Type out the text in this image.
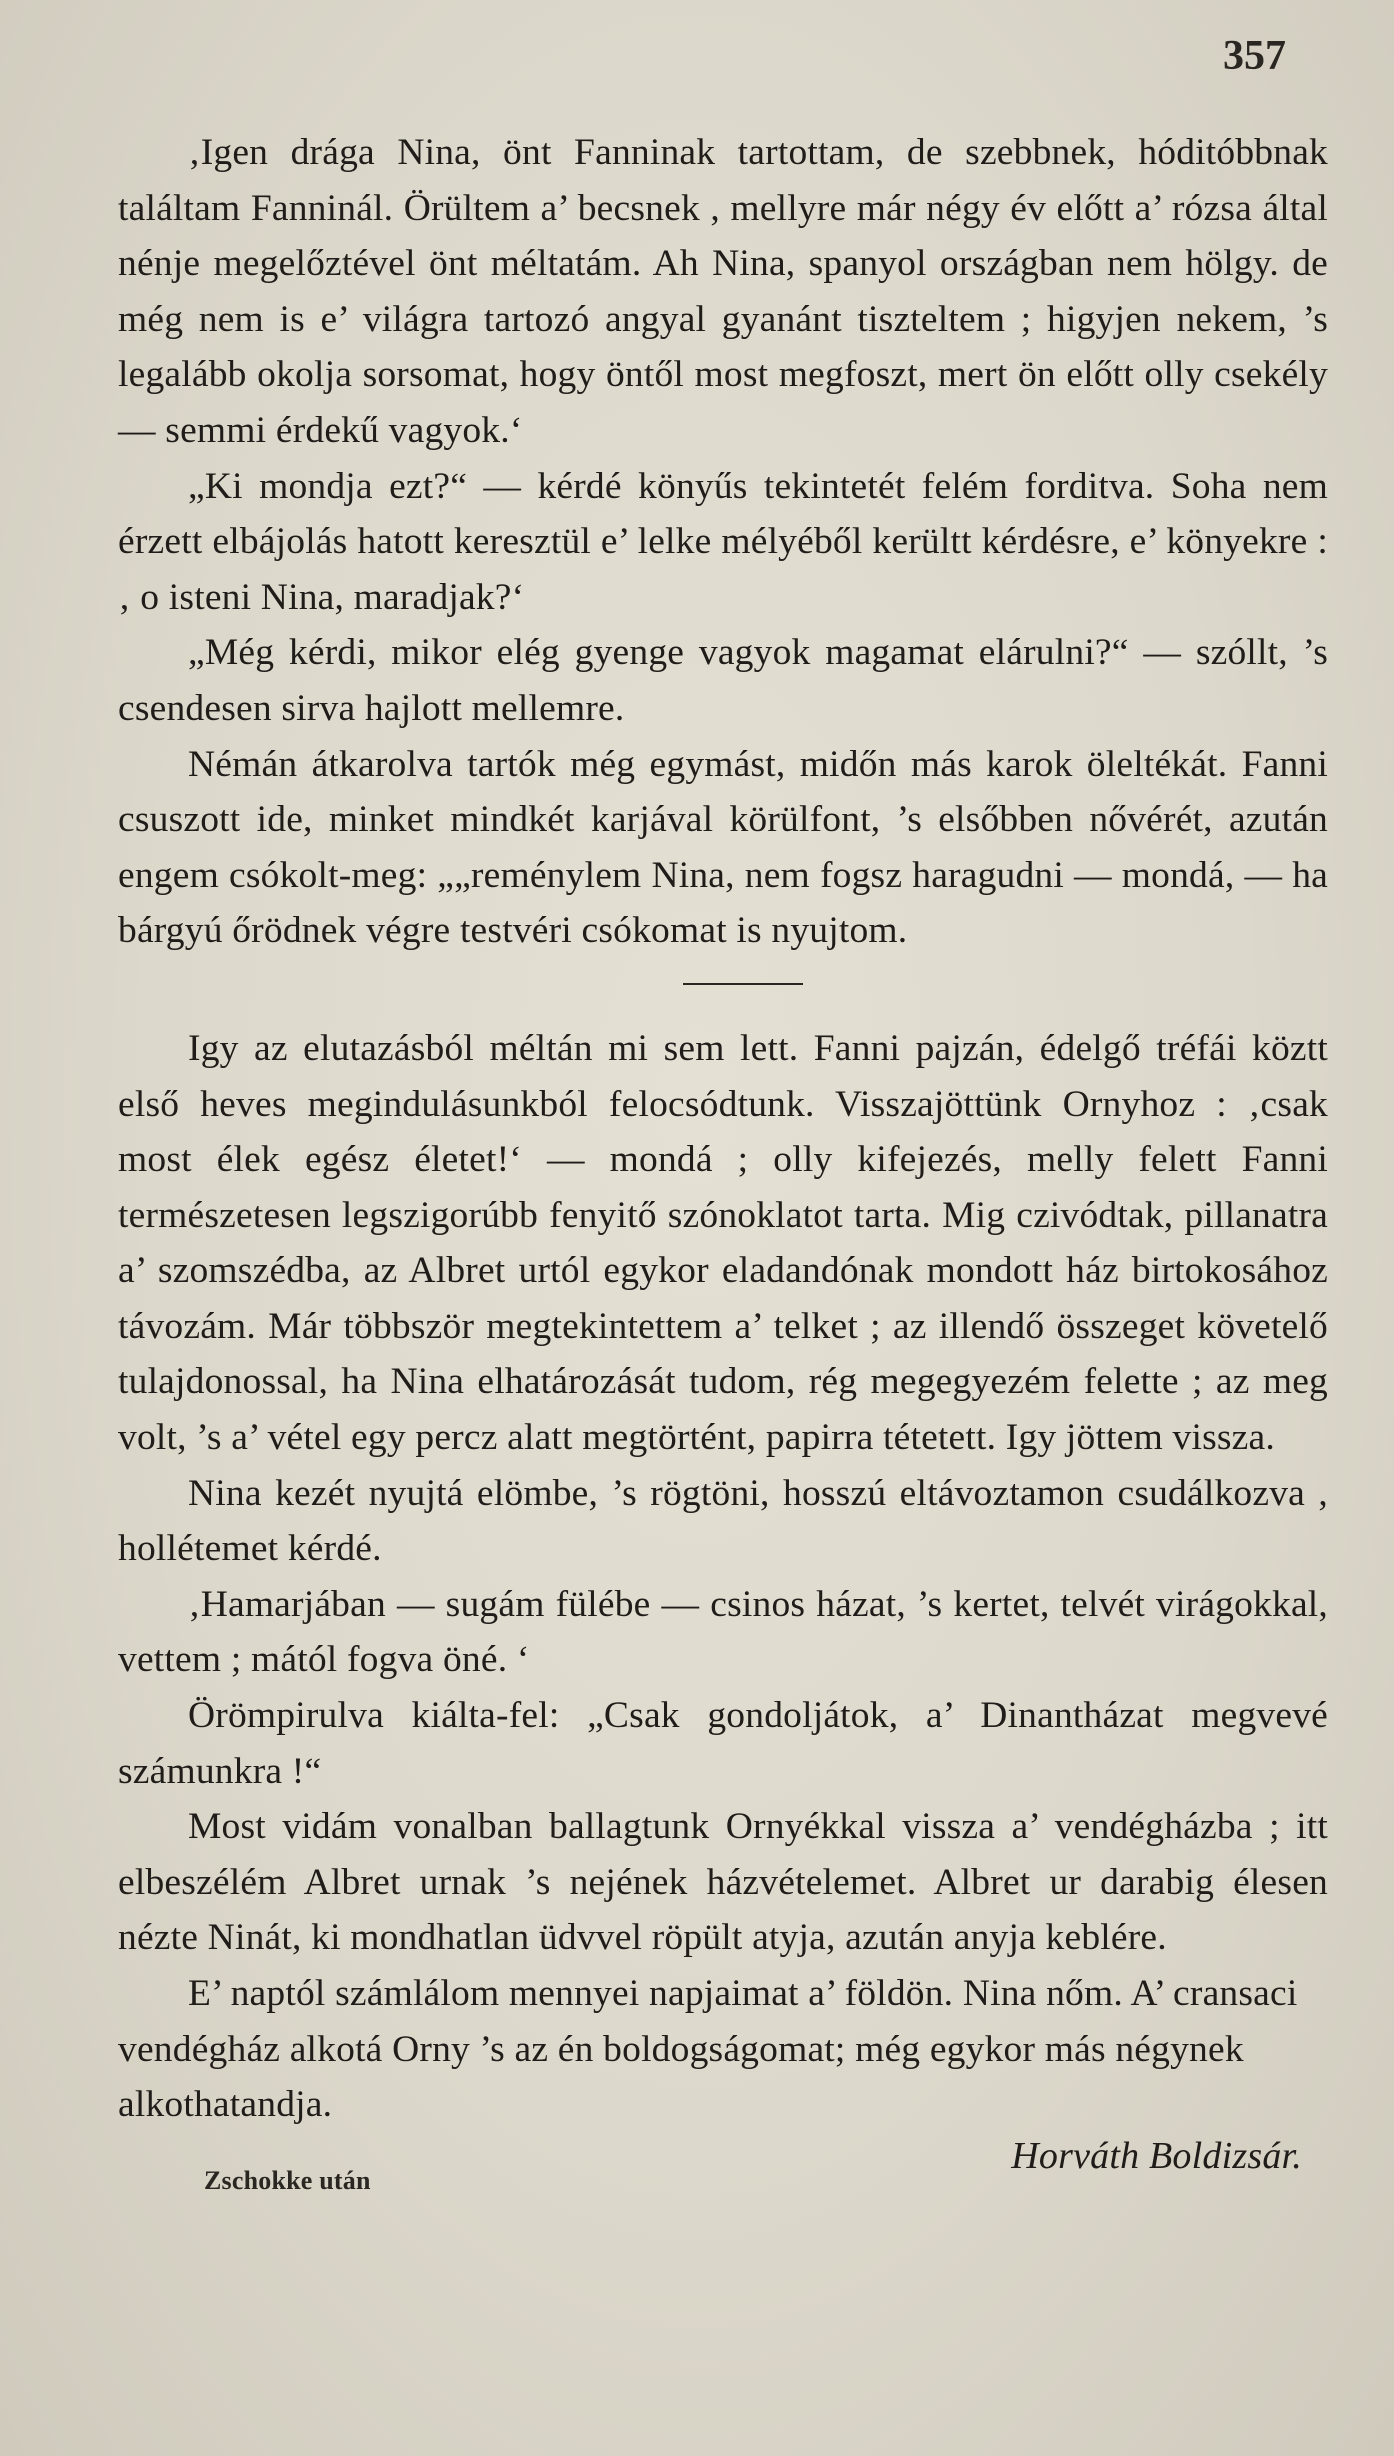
357

‚Igen drága Nina, önt Fanninak tartottam, de szebbnek, hóditóbbnak találtam Fanninál. Örültem a’ becsnek , mellyre már négy év előtt a’ rózsa által nénje megelőztével önt méltatám. Ah Nina, spanyol országban nem hölgy. de még nem is e’ világra tartozó angyal gyanánt tiszteltem ; higyjen nekem, ’s legalább okolja sorsomat, hogy öntől most megfoszt, mert ön előtt olly csekély — semmi érdekű vagyok.‘

„Ki mondja ezt?“ — kérdé könyűs tekintetét felém forditva. Soha nem érzett elbájolás hatott keresztül e’ lelke mélyéből kerültt kérdésre, e’ könyekre : ‚ o isteni Nina, maradjak?‘

„Még kérdi, mikor elég gyenge vagyok magamat elárulni?“ — szóllt, ’s csendesen sirva hajlott mellemre.

Némán átkarolva tartók még egymást, midőn más karok öleltékát. Fanni csuszott ide, minket mindkét karjával körülfont, ’s elsőbben nővérét, azután engem csókolt-meg: „„reménylem Nina, nem fogsz haragudni — mondá, — ha bárgyú őrödnek végre testvéri csókomat is nyujtom.

Igy az elutazásból méltán mi sem lett. Fanni pajzán, édelgő tréfái köztt első heves megindulásunkból felocsódtunk. Visszajöttünk Ornyhoz : ‚csak most élek egész életet!‘ — mondá ; olly kifejezés, melly felett Fanni természetesen legszigorúbb fenyitő szónoklatot tarta. Mig czivódtak, pillanatra a’ szomszédba, az Albret urtól egykor eladandónak mondott ház birtokosához távozám. Már többször megtekintettem a’ telket ; az illendő összeget követelő tulajdonossal, ha Nina elhatározását tudom, rég megegyezém felette ; az meg volt, ’s a’ vétel egy percz alatt megtörtént, papirra tétetett. Igy jöttem vissza.

Nina kezét nyujtá elömbe, ’s rögtöni, hosszú eltávoztamon csudálkozva , hollétemet kérdé.

‚Hamarjában — sugám fülébe — csinos házat, ’s kertet, telvét virágokkal, vettem ; mától fogva öné. ‘

Örömpirulva kiálta-fel: „Csak gondoljátok, a’ Dinantházat megvevé számunkra !“

Most vidám vonalban ballagtunk Ornyékkal vissza a’ vendégházba ; itt elbeszélém Albret urnak ’s nejének házvételemet. Albret ur darabig élesen nézte Ninát, ki mondhatlan üdvvel röpült atyja, azután anyja keblére.

E’ naptól számlálom mennyei napjaimat a’ földön. Nina nőm. A’ cransaci vendégház alkotá Orny ’s az én boldogságomat; még egykor más négynek alkothatandja.

Zschokke után
Horváth Boldizsár.
